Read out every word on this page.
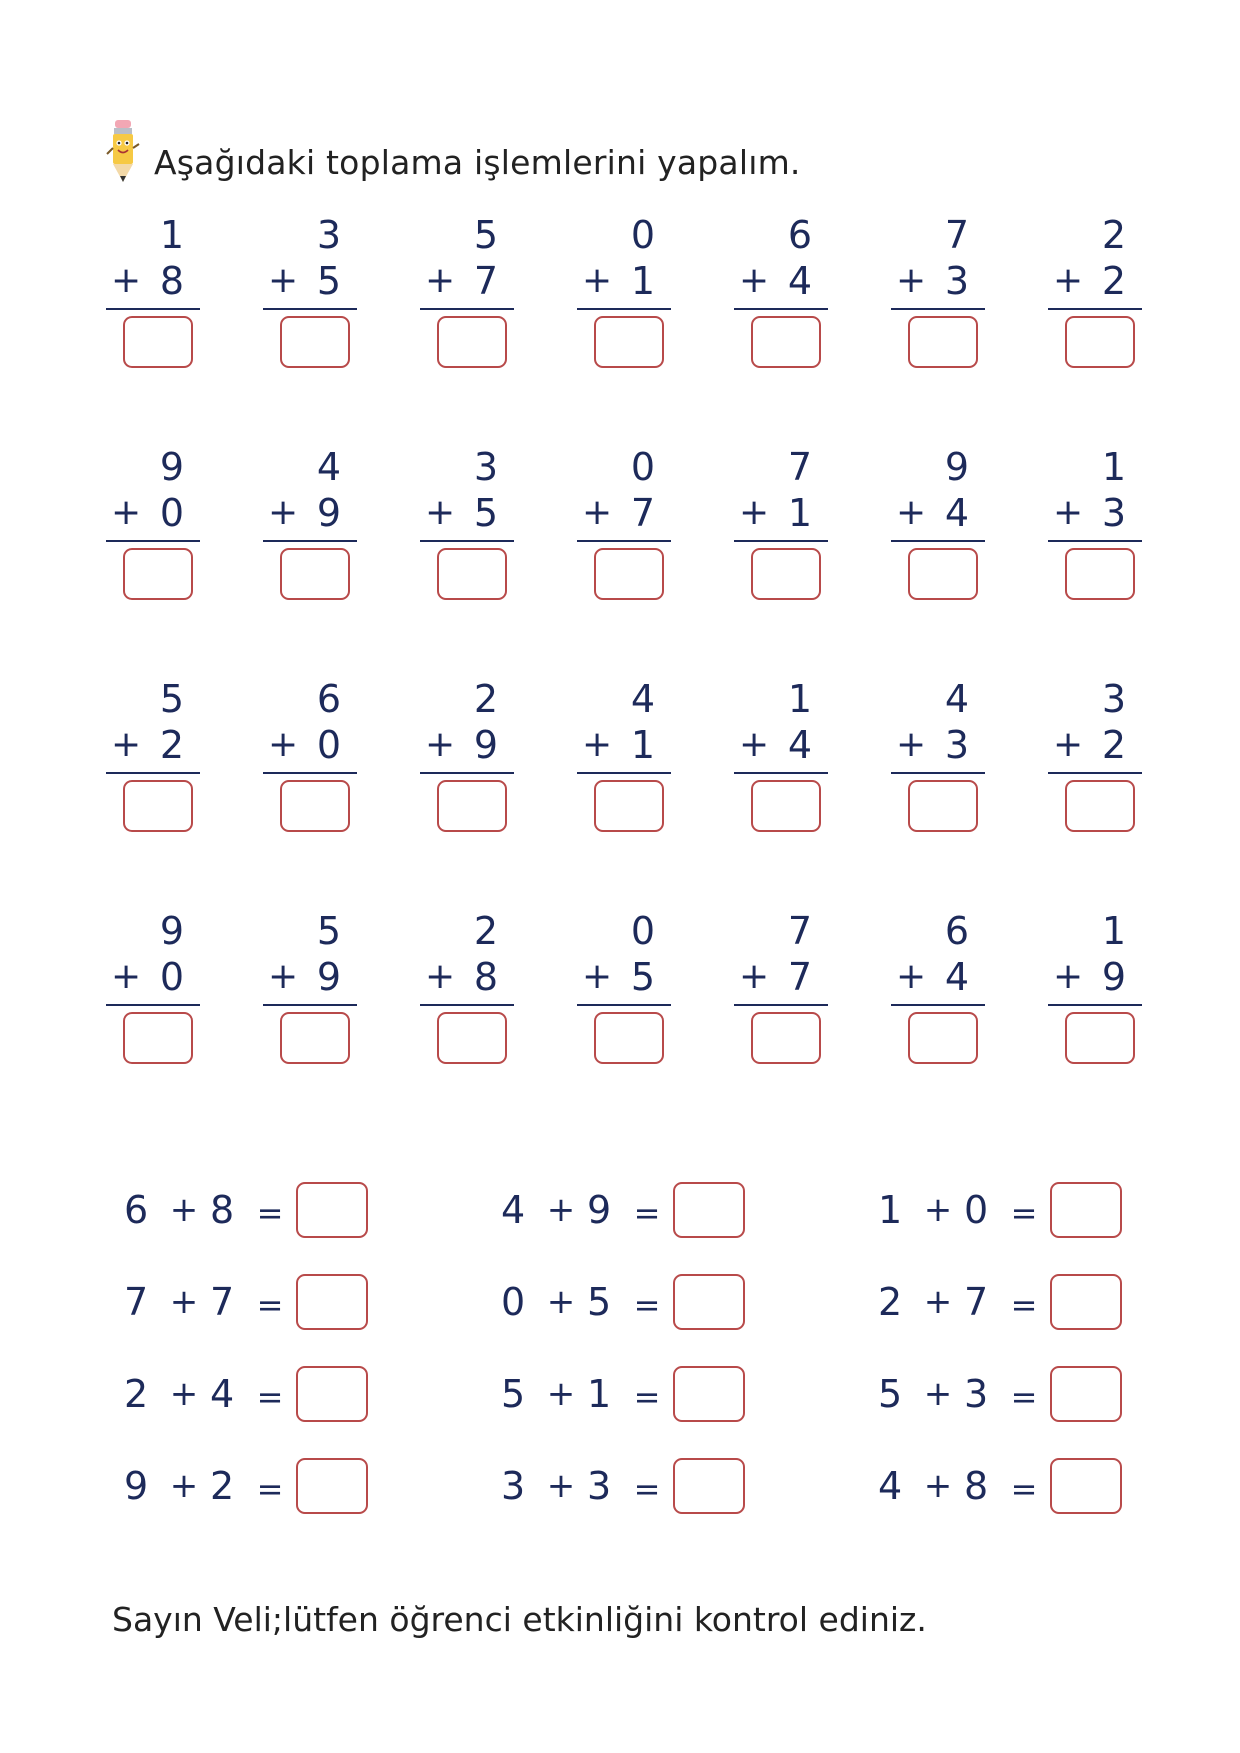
Aşağıdaki toplama işlemlerini yapalım.
1
+ 8
3
+ 5
5
+ 7
0
+ 1
6
+ 4
7
+ 3
2
+ 2
9
+ 0
4
+ 9
3
+ 5
0
+ 7
7
+ 1
9
+ 4
1
+ 3
5
+ 2
6
+ 0
2
+ 9
4
+ 1
1
+ 4
4
+ 3
3
+ 2
9
+ 0
5
+ 9
2
+ 8
0
+ 5
7
+ 7
6
+ 4
1
+ 9
6 + 8 =	4 + 9 =	1 + 0 =
7 + 7 =	0 + 5 =	2 + 7 =
2 + 4 =	5 + 1 =	5 + 3 =
9 + 2 =	3 + 3 =	4 + 8 =
Sayın Veli;lütfen öğrenci etkinliğini kontrol ediniz.
